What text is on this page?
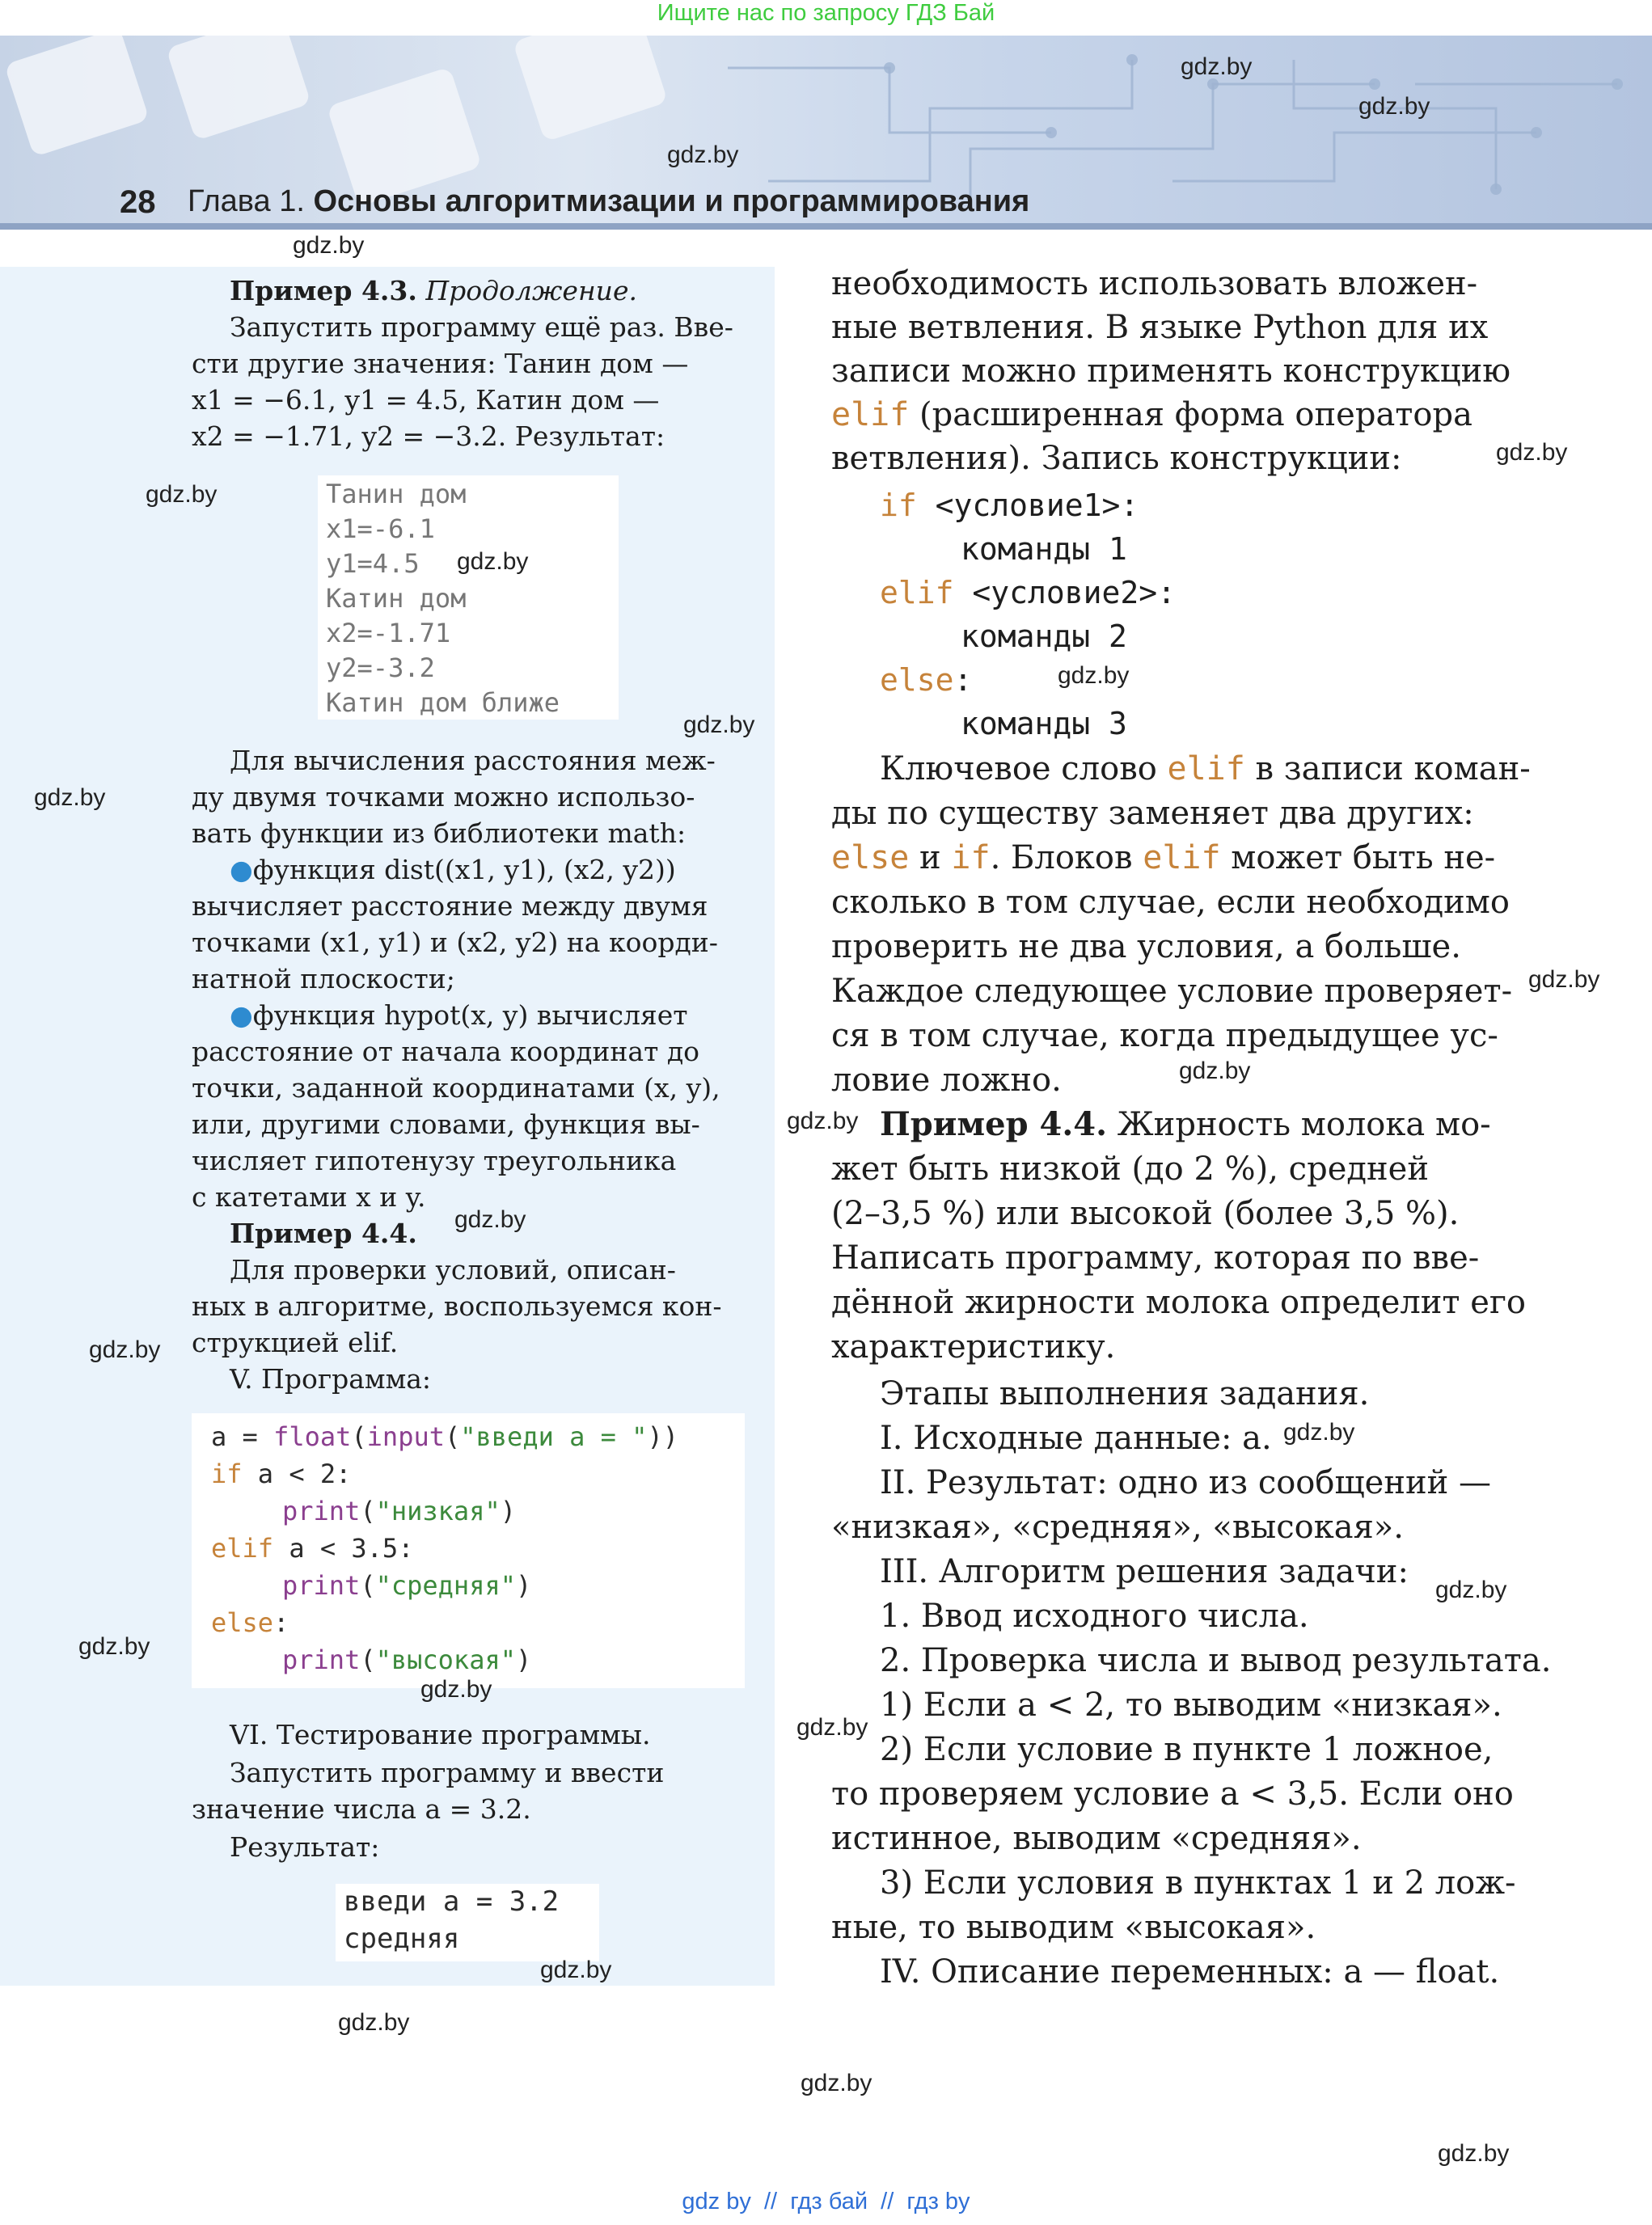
Ищите нас по запросу ГДЗ Бай
28 Глава 1. Основы алгоритмизации и программирования
Пример 4.3. Продолжение.
Запустить программу ещё раз. Вве-
сти другие значения: Танин дом —
x1 = −6.1, y1 = 4.5, Катин дом —
x2 = −1.71, y2 = −3.2. Результат:
Танин дом
x1=-6.1
y1=4.5
Катин дом
x2=-1.71
y2=-3.2
Катин дом ближе
Для вычисления расстояния меж-
ду двумя точками можно использо-
вать функции из библиотеки math:
●функция dist((x1, y1), (x2, y2))
вычисляет расстояние между двумя
точками (x1, y1) и (x2, y2) на коорди-
натной плоскости;
●функция hypot(x, y) вычисляет
расстояние от начала координат до
точки, заданной координатами (x, y),
или, другими словами, функция вы-
числяет гипотенузу треугольника
с катетами x и y.
Пример 4.4.
Для проверки условий, описан-
ных в алгоритме, воспользуемся кон-
струкцией elif.
V. Программа:
a = float(input("введи a = "))
if a < 2:
print("низкая")
elif a < 3.5:
print("средняя")
else:
print("высокая")
VI. Тестирование программы.
Запустить программу и ввести
значение числа a = 3.2.
Результат:
введи a = 3.2
средняя
необходимость использовать вложен-
ные ветвления. В языке Python для их
записи можно применять конструкцию
elif (расширенная форма оператора
ветвления). Запись конструкции:
if <условие1>:
команды 1
elif <условие2>:
команды 2
else:
команды 3
Ключевое слово elif в записи коман-
ды по существу заменяет два других:
else и if. Блоков elif может быть не-
сколько в том случае, если необходимо
проверить не два условия, а больше.
Каждое следующее условие проверяет-
ся в том случае, когда предыдущее ус-
ловие ложно.
Пример 4.4. Жирность молока мо-
жет быть низкой (до 2 %), средней
(2–3,5 %) или высокой (более 3,5 %).
Написать программу, которая по вве-
дённой жирности молока определит его
характеристику.
Этапы выполнения задания.
I. Исходные данные: a.
II. Результат: одно из сообщений —
«низкая», «средняя», «высокая».
III. Алгоритм решения задачи:
1. Ввод исходного числа.
2. Проверка числа и вывод результата.
1) Если a < 2, то выводим «низкая».
2) Если условие в пункте 1 ложное,
то проверяем условие a < 3,5. Если оно
истинное, выводим «средняя».
3) Если условия в пунктах 1 и 2 лож-
ные, то выводим «высокая».
IV. Описание переменных: a — float.
gdz.by
gdz.by
gdz.by
gdz.by
gdz.by
gdz.by
gdz.by
gdz.by
gdz.by
gdz.by
gdz.by
gdz.by
gdz.by
gdz.by
gdz.by
gdz.by
gdz.by
gdz.by
gdz.by
gdz.by
gdz.by
gdz.by
gdz.by
gdz.by
gdz by  //  гдз бай  //  гдз by
